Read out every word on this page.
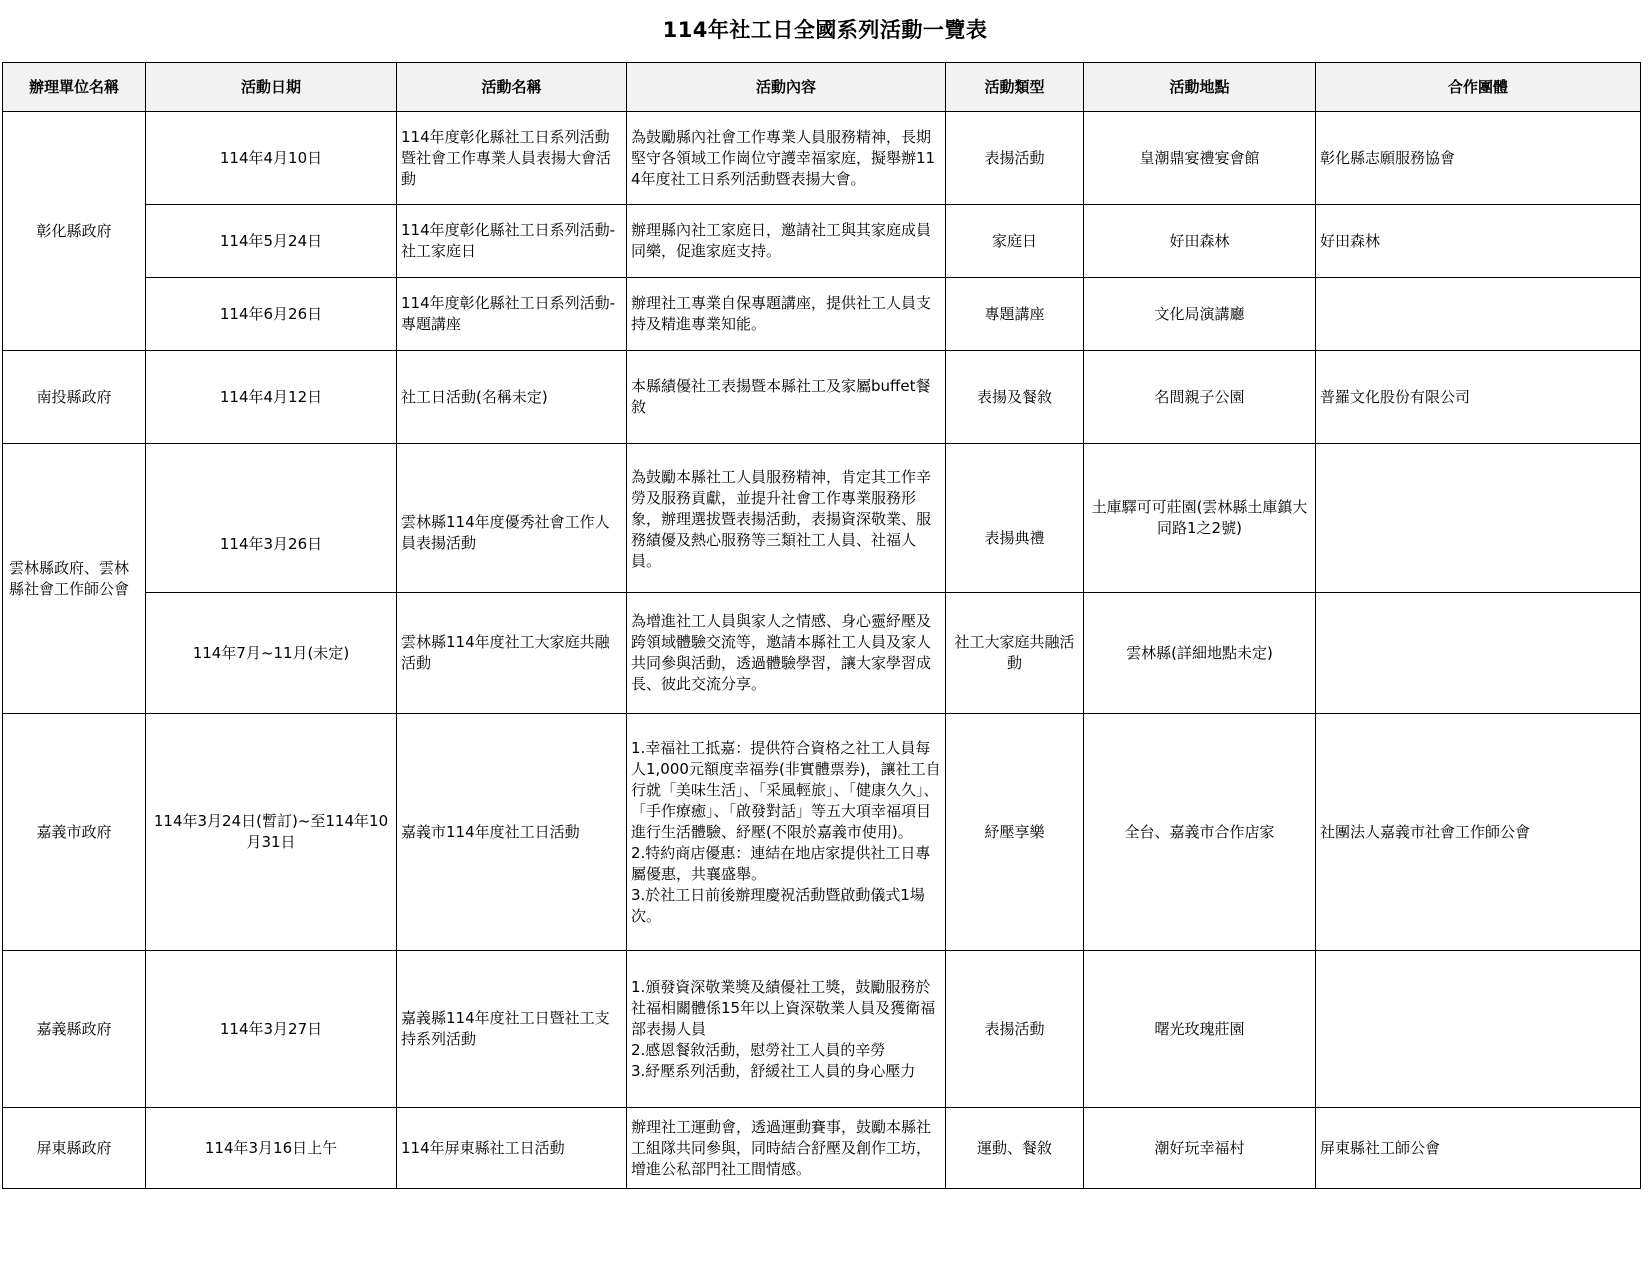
114年社工日全國系列活動一覽表
辦理單位名稱	活動日期	活動名稱	活動內容	活動類型	活動地點	合作團體
彰化縣政府	114年4月10日	114年度彰化縣社工日系列活動暨社會工作專業人員表揚大會活動	為鼓勵縣內社會工作專業人員服務精神，長期堅守各領域工作崗位守護幸福家庭，擬舉辦114年度社工日系列活動暨表揚大會。	表揚活動	皇潮鼎宴禮宴會館	彰化縣志願服務協會
	114年5月24日	114年度彰化縣社工日系列活動-社工家庭日	辦理縣內社工家庭日，邀請社工與其家庭成員同樂，促進家庭支持。	家庭日	好田森林	好田森林
	114年6月26日	114年度彰化縣社工日系列活動-專題講座	辦理社工專業自保專題講座，提供社工人員支持及精進專業知能。	專題講座	文化局演講廳	
南投縣政府	114年4月12日	社工日活動(名稱未定)	本縣績優社工表揚暨本縣社工及家屬buffet餐敘	表揚及餐敘	名間親子公園	普羅文化股份有限公司
雲林縣政府、雲林縣社會工作師公會	114年3月26日	雲林縣114年度優秀社會工作人員表揚活動	為鼓勵本縣社工人員服務精神，肯定其工作辛勞及服務貢獻，並提升社會工作專業服務形象，辦理選拔暨表揚活動，表揚資深敬業、服務績優及熱心服務等三類社工人員、社福人員。	表揚典禮	土庫驛可可莊園(雲林縣土庫鎮大同路1之2號)	
	114年7月~11月(未定)	雲林縣114年度社工大家庭共融活動	為增進社工人員與家人之情感、身心靈紓壓及跨領域體驗交流等，邀請本縣社工人員及家人共同參與活動，透過體驗學習，讓大家學習成長、彼此交流分享。	社工大家庭共融活動	雲林縣(詳細地點未定)	
嘉義市政府	114年3月24日(暫訂)~至114年10月31日	嘉義市114年度社工日活動	1.幸福社工抵嘉：提供符合資格之社工人員每人1,000元額度幸福券(非實體票券)，讓社工自行就「美味生活」、「采風輕旅」、「健康久久」、「手作療癒」、「啟發對話」等五大項幸福項目進行生活體驗、紓壓(不限於嘉義市使用)。
2.特約商店優惠：連結在地店家提供社工日專屬優惠，共襄盛舉。
3.於社工日前後辦理慶祝活動暨啟動儀式1場次。	紓壓享樂	全台、嘉義市合作店家	社團法人嘉義市社會工作師公會
嘉義縣政府	114年3月27日	嘉義縣114年度社工日暨社工支持系列活動	1.頒發資深敬業獎及績優社工獎，鼓勵服務於社福相關體係15年以上資深敬業人員及獲衛福部表揚人員
2.感恩餐敘活動，慰勞社工人員的辛勞
3.紓壓系列活動，舒緩社工人員的身心壓力	表揚活動	曙光玫瑰莊園	
屏東縣政府	114年3月16日上午	114年屏東縣社工日活動	辦理社工運動會，透過運動賽事，鼓勵本縣社工組隊共同參與，同時結合舒壓及創作工坊，增進公私部門社工間情感。	運動、餐敘	潮好玩幸福村	屏東縣社工師公會
